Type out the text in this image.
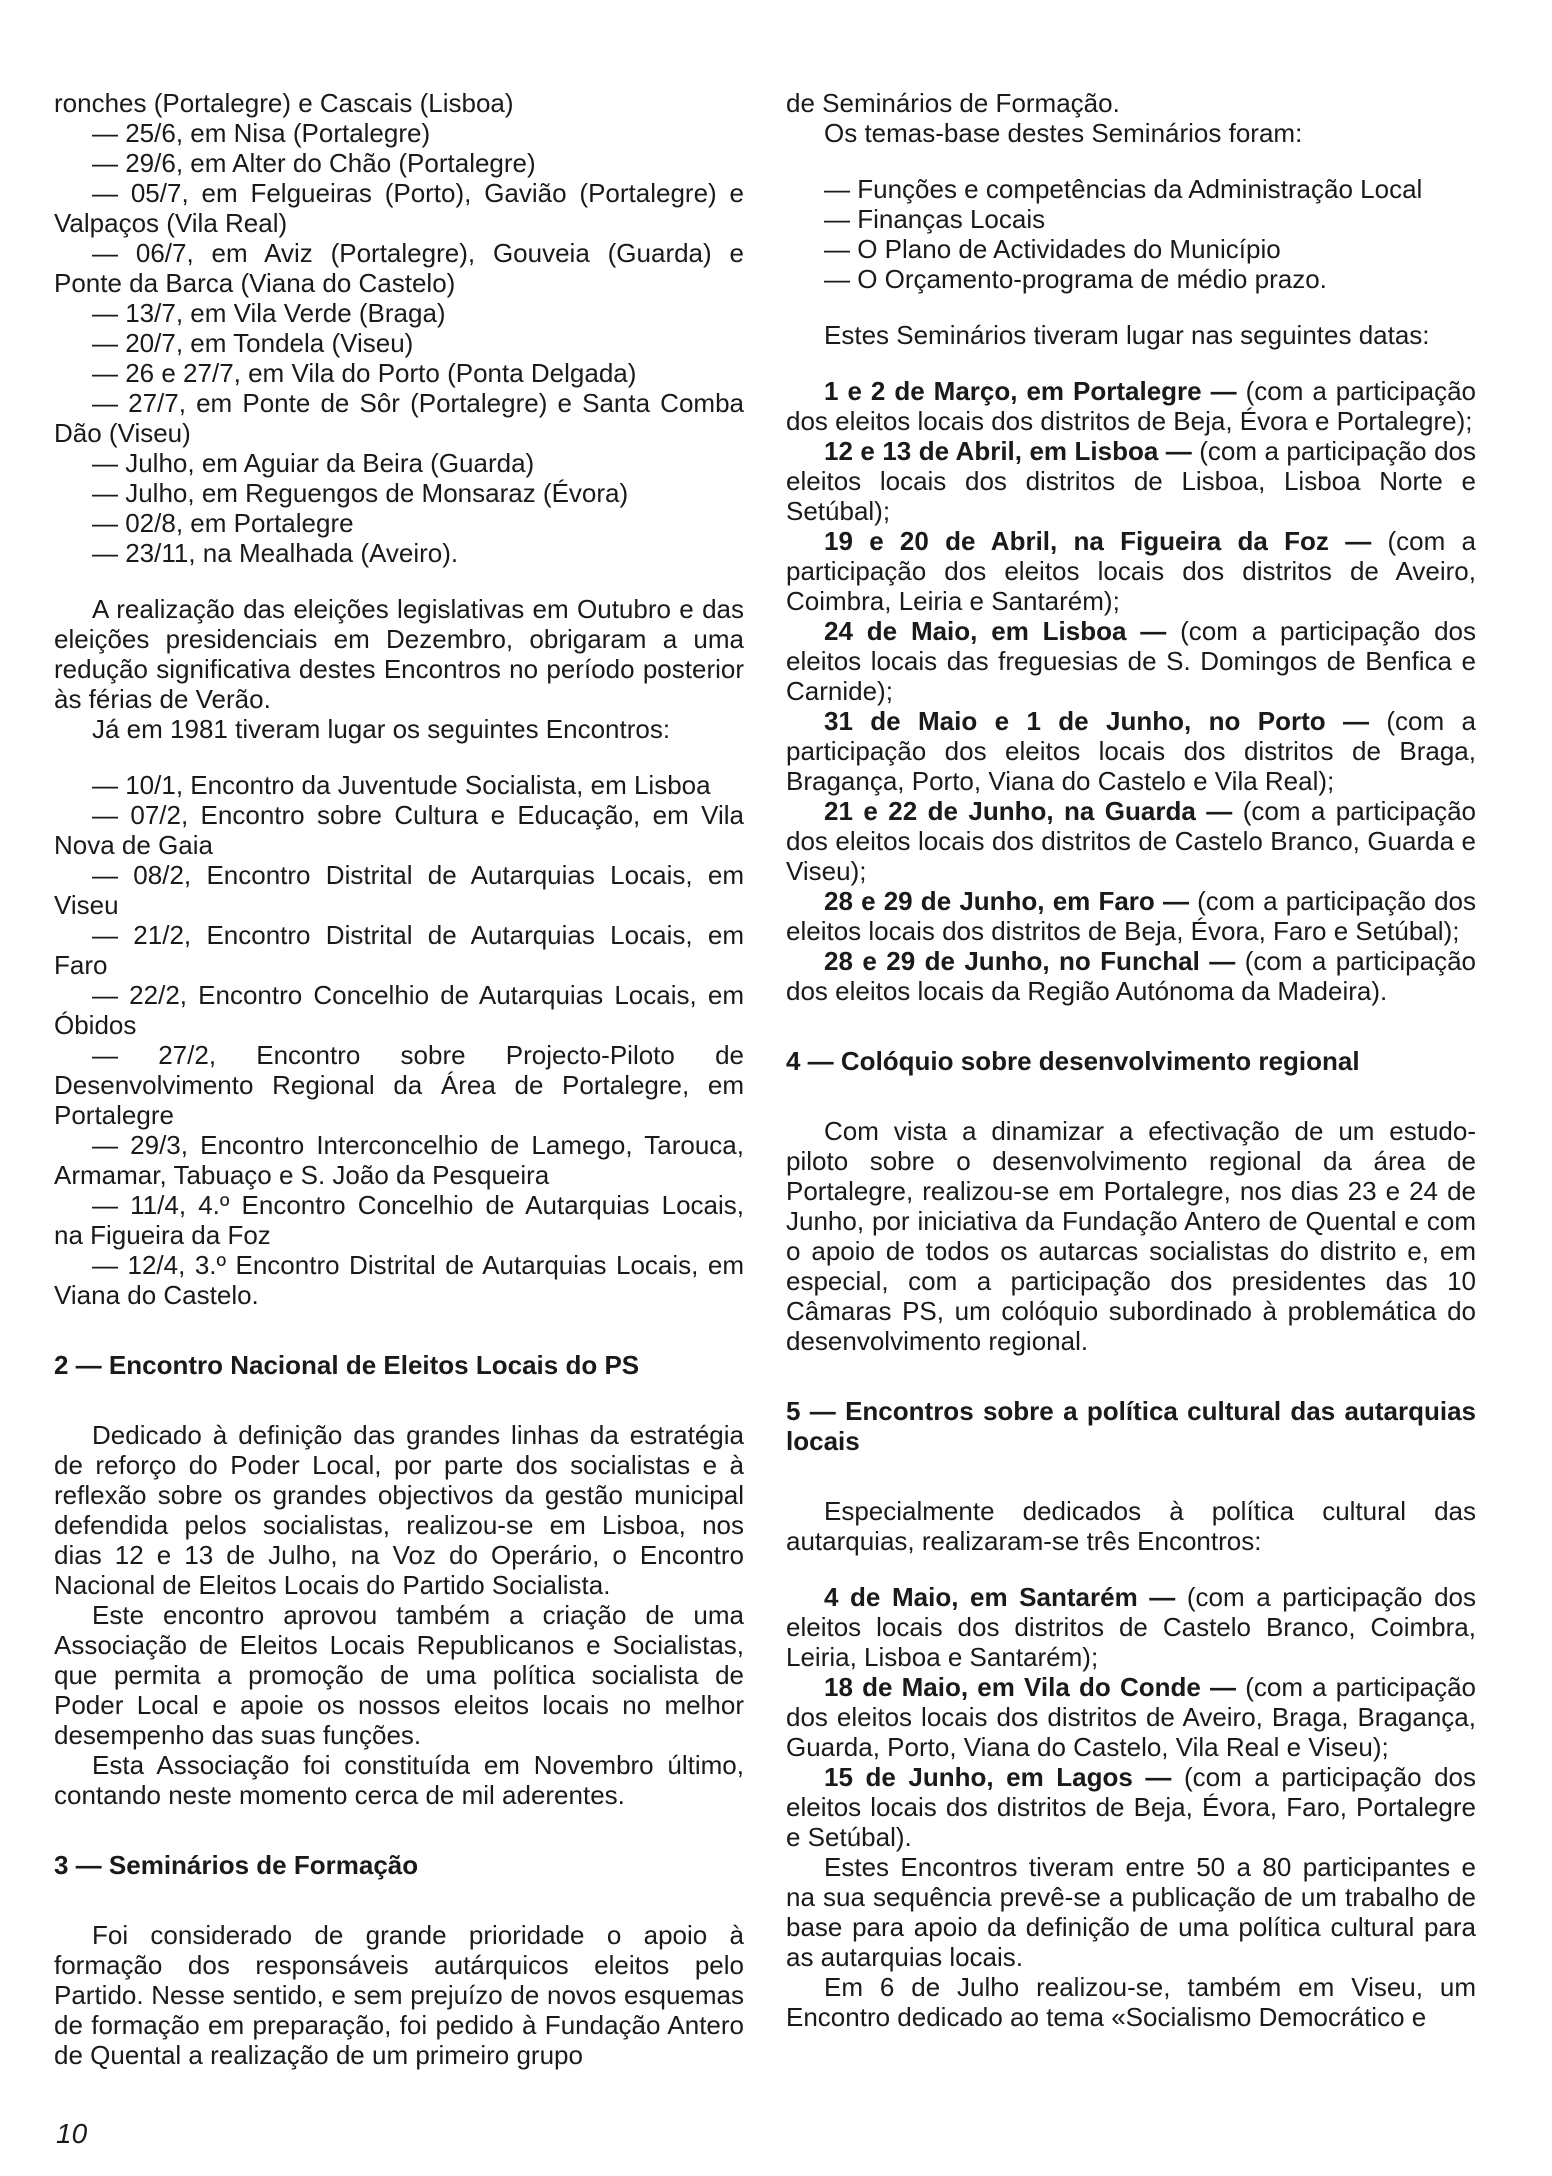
ronches (Portalegre) e Cascais (Lisboa)

— 25/6, em Nisa (Portalegre)

— 29/6, em Alter do Chão (Portalegre)

— 05/7, em Felgueiras (Porto), Gavião (Portalegre) e Valpaços (Vila Real)

— 06/7, em Aviz (Portalegre), Gouveia (Guarda) e Ponte da Barca (Viana do Castelo)

— 13/7, em Vila Verde (Braga)

— 20/7, em Tondela (Viseu)

— 26 e 27/7, em Vila do Porto (Ponta Delgada)

— 27/7, em Ponte de Sôr (Portalegre) e Santa Comba Dão (Viseu)

— Julho, em Aguiar da Beira (Guarda)

— Julho, em Reguengos de Monsaraz (Évora)

— 02/8, em Portalegre

— 23/11, na Mealhada (Aveiro).

A realização das eleições legislativas em Outubro e das eleições presidenciais em Dezembro, obrigaram a uma redução significativa destes Encontros no período posterior às férias de Verão.

Já em 1981 tiveram lugar os seguintes Encontros:

— 10/1, Encontro da Juventude Socialista, em Lisboa

— 07/2, Encontro sobre Cultura e Educação, em Vila Nova de Gaia

— 08/2, Encontro Distrital de Autarquias Locais, em Viseu

— 21/2, Encontro Distrital de Autarquias Locais, em Faro

— 22/2, Encontro Concelhio de Autarquias Locais, em Óbidos

— 27/2, Encontro sobre Projecto-Piloto de Desenvolvimento Regional da Área de Portalegre, em Portalegre

— 29/3, Encontro Interconcelhio de Lamego, Tarouca, Armamar, Tabuaço e S. João da Pesqueira

— 11/4, 4.º Encontro Concelhio de Autarquias Locais, na Figueira da Foz

— 12/4, 3.º Encontro Distrital de Autarquias Locais, em Viana do Castelo.

2 — Encontro Nacional de Eleitos Locais do PS

Dedicado à definição das grandes linhas da estratégia de reforço do Poder Local, por parte dos socialistas e à reflexão sobre os grandes objectivos da gestão municipal defendida pelos socialistas, realizou-se em Lisboa, nos dias 12 e 13 de Julho, na Voz do Operário, o Encontro Nacional de Eleitos Locais do Partido Socialista.

Este encontro aprovou também a criação de uma Associação de Eleitos Locais Republicanos e Socialistas, que permita a promoção de uma política socialista de Poder Local e apoie os nossos eleitos locais no melhor desempenho das suas funções.

Esta Associação foi constituída em Novembro último, contando neste momento cerca de mil aderentes.

3 — Seminários de Formação

Foi considerado de grande prioridade o apoio à formação dos responsáveis autárquicos eleitos pelo Partido. Nesse sentido, e sem prejuízo de novos esquemas de formação em preparação, foi pedido à Fundação Antero de Quental a realização de um primeiro grupo

de Seminários de Formação.

Os temas-base destes Seminários foram:

— Funções e competências da Administração Local

— Finanças Locais

— O Plano de Actividades do Município

— O Orçamento-programa de médio prazo.

Estes Seminários tiveram lugar nas seguintes datas:

1 e 2 de Março, em Portalegre — (com a participação dos eleitos locais dos distritos de Beja, Évora e Portalegre);

12 e 13 de Abril, em Lisboa — (com a participação dos eleitos locais dos distritos de Lisboa, Lisboa Norte e Setúbal);

19 e 20 de Abril, na Figueira da Foz — (com a participação dos eleitos locais dos distritos de Aveiro, Coimbra, Leiria e Santarém);

24 de Maio, em Lisboa — (com a participação dos eleitos locais das freguesias de S. Domingos de Benfica e Carnide);

31 de Maio e 1 de Junho, no Porto — (com a participação dos eleitos locais dos distritos de Braga, Bragança, Porto, Viana do Castelo e Vila Real);

21 e 22 de Junho, na Guarda — (com a participação dos eleitos locais dos distritos de Castelo Branco, Guarda e Viseu);

28 e 29 de Junho, em Faro — (com a participação dos eleitos locais dos distritos de Beja, Évora, Faro e Setúbal);

28 e 29 de Junho, no Funchal — (com a participação dos eleitos locais da Região Autónoma da Madeira).

4 — Colóquio sobre desenvolvimento regional

Com vista a dinamizar a efectivação de um estudo-piloto sobre o desenvolvimento regional da área de Portalegre, realizou-se em Portalegre, nos dias 23 e 24 de Junho, por iniciativa da Fundação Antero de Quental e com o apoio de todos os autarcas socialistas do distrito e, em especial, com a participação dos presidentes das 10 Câmaras PS, um colóquio subordinado à problemática do desenvolvimento regional.

5 — Encontros sobre a política cultural das autarquias locais

Especialmente dedicados à política cultural das autarquias, realizaram-se três Encontros:

4 de Maio, em Santarém — (com a participação dos eleitos locais dos distritos de Castelo Branco, Coimbra, Leiria, Lisboa e Santarém);

18 de Maio, em Vila do Conde — (com a participação dos eleitos locais dos distritos de Aveiro, Braga, Bragança, Guarda, Porto, Viana do Castelo, Vila Real e Viseu);

15 de Junho, em Lagos — (com a participação dos eleitos locais dos distritos de Beja, Évora, Faro, Portalegre e Setúbal).

Estes Encontros tiveram entre 50 a 80 participantes e na sua sequência prevê-se a publicação de um trabalho de base para apoio da definição de uma política cultural para as autarquias locais.

Em 6 de Julho realizou-se, também em Viseu, um Encontro dedicado ao tema «Socialismo Democrático e

10
